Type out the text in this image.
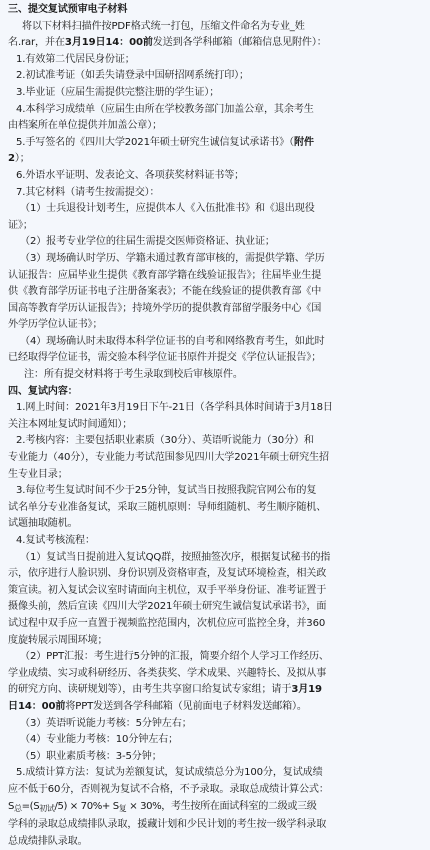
三、提交复试预审电子材料

将以下材料扫描件按PDF格式统一打包，压缩文件命名为专业_姓

名.rar，并在3月19日14：00前发送到各学科邮箱（邮箱信息见附件）：

1.有效第二代居民身份证；

2.初试准考证（如丢失请登录中国研招网系统打印）；

3.毕业证（应届生需提供完整注册的学生证）；

4.本科学习成绩单（应届生由所在学校教务部门加盖公章，其余考生

由档案所在单位提供并加盖公章）；

5.手写签名的《四川大学2021年硕士研究生诚信复试承诺书》（附件

2）；

6.外语水平证明、发表论文、各项获奖材料证书等；

7.其它材料（请考生按需提交）：

（1）士兵退役计划考生，应提供本人《入伍批准书》和《退出现役

证》；

（2）报考专业学位的往届生需提交医师资格证、执业证；

（3）现场确认时学历、学籍未通过教育部审核的，需提供学籍、学历

认证报告：应届毕业生提供《教育部学籍在线验证报告》；往届毕业生提

供《教育部学历证书电子注册备案表》；不能在线验证的提供教育部《中

国高等教育学历认证报告》；持境外学历的提供教育部留学服务中心《国

外学历学位认证书》；

（4）现场确认时未取得本科学位证书的自考和网络教育考生，如此时

已经取得学位证书，需交验本科学位证书原件并提交《学位认证报告》；

注：所有提交材料将于考生录取到校后审核原件。

四、复试内容：

1.网上时间：2021年3月19日下午-21日（各学科具体时间请于3月18日

关注本网址复试时间通知）；

2.考核内容：主要包括职业素质（30分）、英语听说能力（30分）和

专业能力（40分），专业能力考试范围参见四川大学2021年硕士研究生招

生专业目录；

3.每位考生复试时间不少于25分钟，复试当日按照我院官网公布的复

试名单分专业准备复试，采取三随机原则：导师组随机、考生顺序随机、

试题抽取随机。

4.复试考核流程：

（1）复试当日提前进入复试QQ群，按照抽签次序，根据复试秘书的指

示，依序进行人脸识别、身份识别及资格审查，及复试环境检查，相关政

策宣读。初入复试会议室时请面向主机位，双手平举身份证、准考证置于

摄像头前，然后宣读《四川大学2021年硕士研究生诚信复试承诺书》，面

试过程中双手应一直置于视频监控范围内，次机位应可监控全身，并360

度旋转展示周围环境；

（2）PPT汇报：考生进行5分钟的汇报，简要介绍个人学习工作经历、

学业成绩、实习或科研经历、各类获奖、学术成果、兴趣特长、及拟从事

的研究方向、读研规划等），由考生共享窗口给复试专家组；请于3月19

日14：00前将PPT发送到各学科邮箱（见前面电子材料发送邮箱）。

（3）英语听说能力考核：5分钟左右；

（4）专业能力考核：10分钟左右；

（5）职业素质考核：3-5分钟；

5.成绩计算方法：复试为差额复试，复试成绩总分为100分，复试成绩

应不低于60分，否则视为复试不合格，不予录取。录取总成绩计算公式：

$S_总=(S_{初试}/5) \times 70\%+ S_复 \times 30\%$，考生按所在面试科室的二级或三级

学科的录取总成绩排队录取，援藏计划和少民计划的考生按一级学科录取

总成绩排队录取。
